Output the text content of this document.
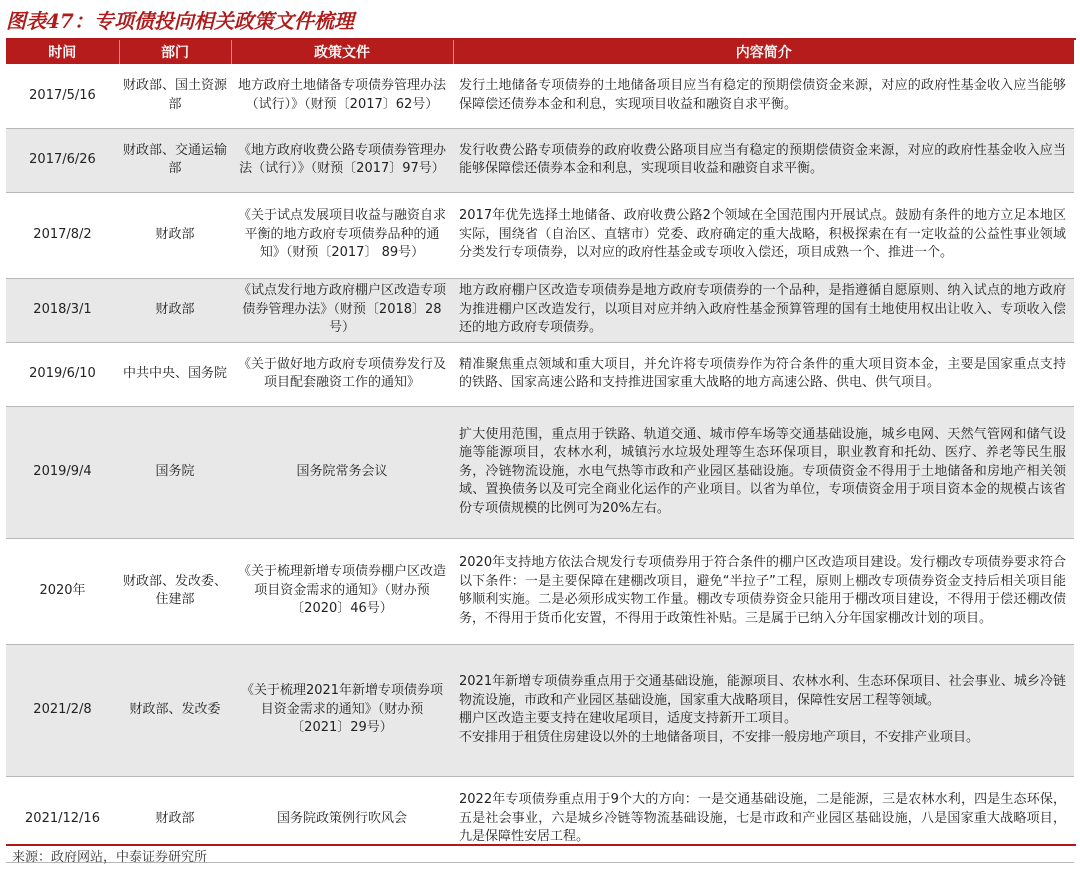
图表47：专项债投向相关政策文件梳理
时间	部门	政策文件	内容简介
2017/5/16	财政部、国土资源部	地方政府土地储备专项债券管理办法（试行）》（财预〔2017〕62号）	发行土地储备专项债券的土地储备项目应当有稳定的预期偿债资金来源，对应的政府性基金收入应当能够保障偿还债券本金和利息，实现项目收益和融资自求平衡。
2017/6/26	财政部、交通运输部	《地方政府收费公路专项债券管理办法（试行）》（财预〔2017〕97号）	发行收费公路专项债券的政府收费公路项目应当有稳定的预期偿债资金来源，对应的政府性基金收入应当能够保障偿还债券本金和利息，实现项目收益和融资自求平衡。
2017/8/2	财政部	《关于试点发展项目收益与融资自求平衡的地方政府专项债券品种的通知》（财预〔2017〕 89号）	2017年优先选择土地储备、政府收费公路2个领域在全国范围内开展试点。鼓励有条件的地方立足本地区实际，围绕省（自治区、直辖市）党委、政府确定的重大战略，积极探索在有一定收益的公益性事业领域分类发行专项债券，以对应的政府性基金或专项收入偿还，项目成熟一个、推进一个。
2018/3/1	财政部	《试点发行地方政府棚户区改造专项债券管理办法》（财预〔2018〕28号）	地方政府棚户区改造专项债券是地方政府专项债券的一个品种，是指遵循自愿原则、纳入试点的地方政府为推进棚户区改造发行，以项目对应并纳入政府性基金预算管理的国有土地使用权出让收入、专项收入偿还的地方政府专项债券。
2019/6/10	中共中央、国务院	《关于做好地方政府专项债券发行及项目配套融资工作的通知》	精准聚焦重点领域和重大项目，并允许将专项债券作为符合条件的重大项目资本金，主要是国家重点支持的铁路、国家高速公路和支持推进国家重大战略的地方高速公路、供电、供气项目。
2019/9/4	国务院	国务院常务会议	扩大使用范围，重点用于铁路、轨道交通、城市停车场等交通基础设施，城乡电网、天然气管网和储气设施等能源项目，农林水利，城镇污水垃圾处理等生态环保项目，职业教育和托幼、医疗、养老等民生服务，冷链物流设施，水电气热等市政和产业园区基础设施。专项债资金不得用于土地储备和房地产相关领域、置换债务以及可完全商业化运作的产业项目。以省为单位，专项债资金用于项目资本金的规模占该省份专项债规模的比例可为20%左右。
2020年	财政部、发改委、住建部	《关于梳理新增专项债券棚户区改造项目资金需求的通知》（财办预〔2020〕46号）	2020年支持地方依法合规发行专项债券用于符合条件的棚户区改造项目建设。发行棚改专项债券要求符合以下条件：一是主要保障在建棚改项目，避免“半拉子”工程，原则上棚改专项债券资金支持后相关项目能够顺利实施。二是必须形成实物工作量。棚改专项债券资金只能用于棚改项目建设，不得用于偿还棚改债务，不得用于货币化安置，不得用于政策性补贴。三是属于已纳入分年国家棚改计划的项目。
2021/2/8	财政部、发改委	《关于梳理2021年新增专项债券项目资金需求的通知》（财办预〔2021〕29号）	2021年新增专项债券重点用于交通基础设施，能源项目、农林水利、生态环保项目、社会事业、城乡冷链物流设施，市政和产业园区基础设施，国家重大战略项目，保障性安居工程等领域。
棚户区改造主要支持在建收尾项目，适度支持新开工项目。
不安排用于租赁住房建设以外的土地储备项目，不安排一般房地产项目，不安排产业项目。
2021/12/16	财政部	国务院政策例行吹风会	2022年专项债券重点用于9个大的方向：一是交通基础设施，二是能源，三是农林水利，四是生态环保，五是社会事业，六是城乡冷链等物流基础设施，七是市政和产业园区基础设施，八是国家重大战略项目，九是保障性安居工程。
来源：政府网站，中泰证券研究所
